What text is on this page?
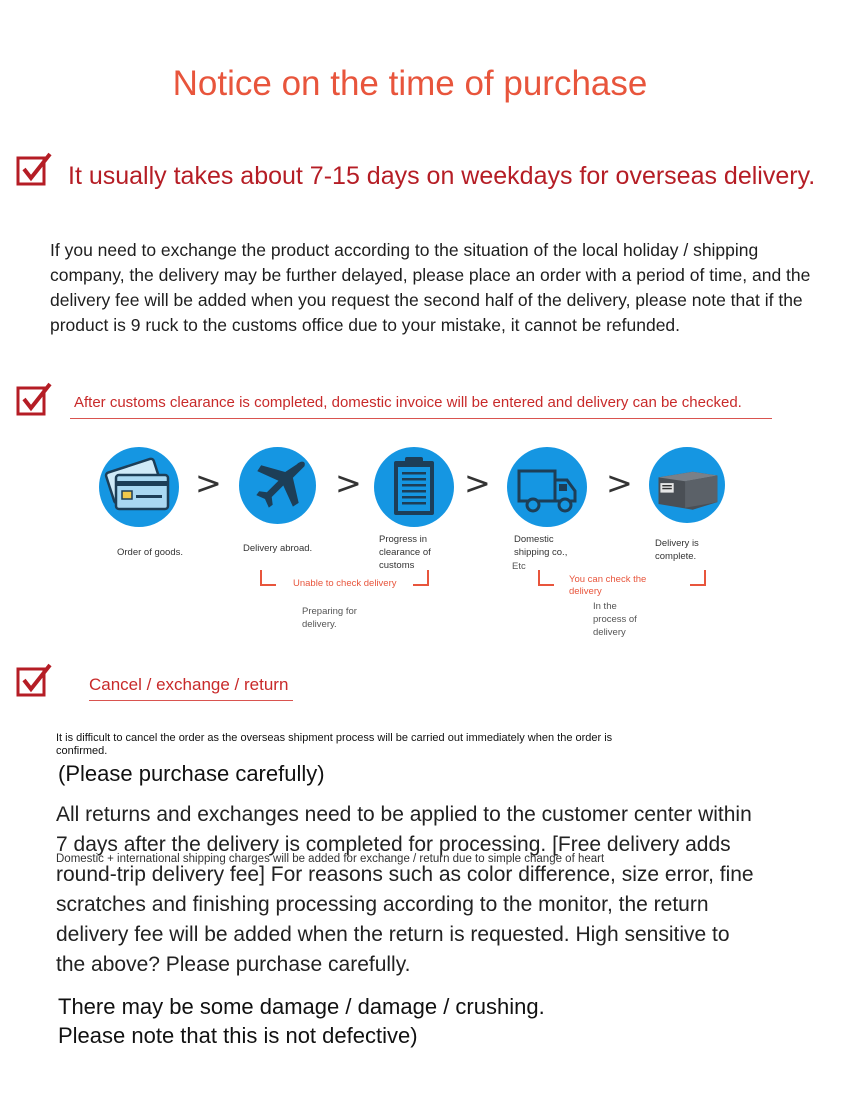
Notice on the time of purchase
It usually takes about 7-15 days on weekdays for overseas delivery.
If you need to exchange the product according to the situation of the local holiday / shipping company, the delivery may be further delayed, please place an order with a period of time, and the delivery fee will be added when you request the second half of the delivery, please note that if the product is 9 ruck to the customs office due to your mistake, it cannot be refunded.
After customs clearance is completed, domestic invoice will be entered and delivery can be checked.
Order of goods.
>
Delivery abroad.
>
Progress in clearance of customs
>
Domestic shipping co.,
Etc
>
Delivery is complete.
Unable to check delivery
Preparing for delivery.
You can check the delivery
In the process of delivery
Cancel / exchange / return
It is difficult to cancel the order as the overseas shipment process will be carried out immediately when the order is confirmed.
(Please purchase carefully)
All returns and exchanges need to be applied to the customer center within 7 days after the delivery is completed for processing. [Free delivery adds round-trip delivery fee] For reasons such as color difference, size error, fine scratches and finishing processing according to the monitor, the return delivery fee will be added when the return is requested. High sensitive to the above? Please purchase carefully.
Domestic + international shipping charges will be added for exchange / return due to simple change of heart
There may be some damage / damage / crushing.
Please note that this is not defective)
